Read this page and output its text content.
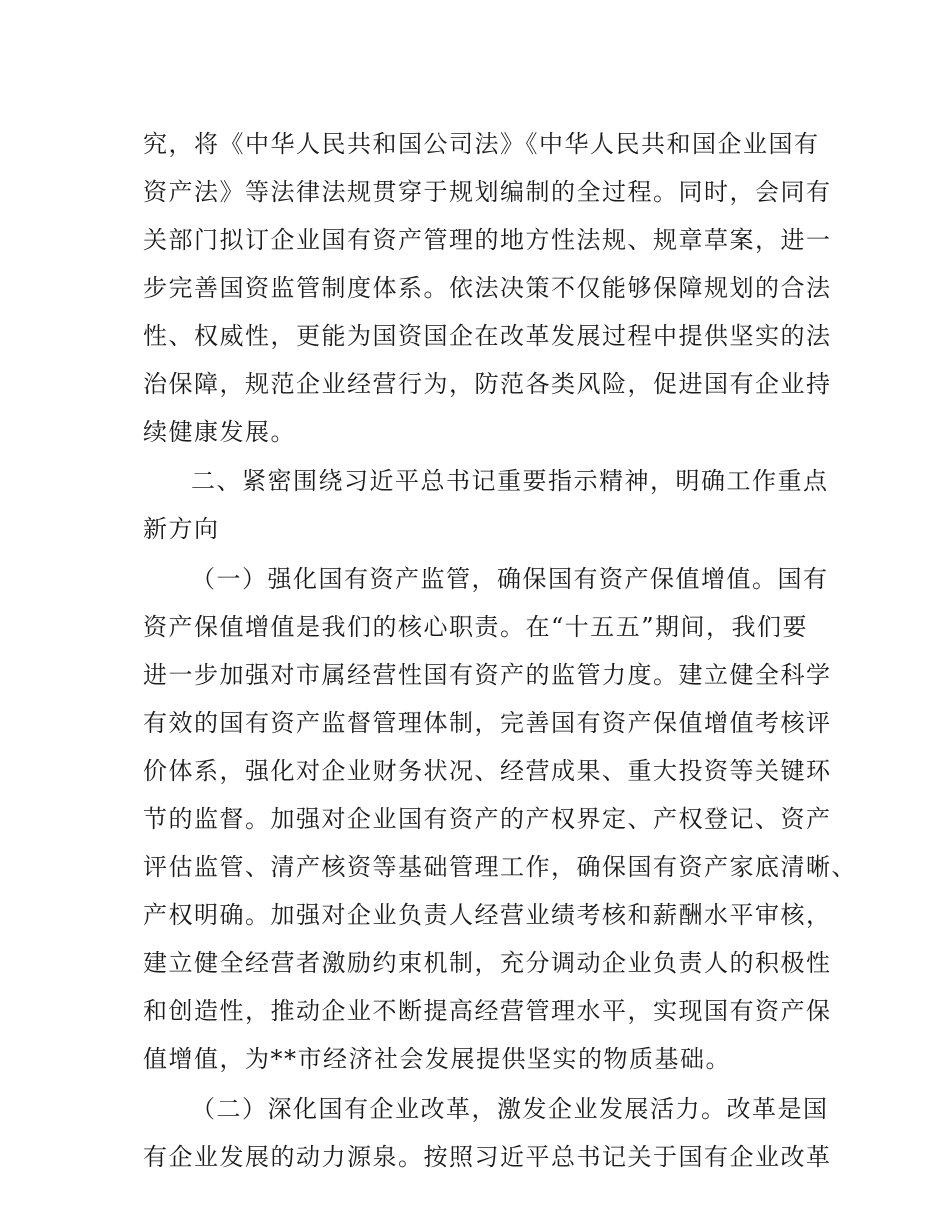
究，将《中华人民共和国公司法》《中华人民共和国企业国有
资产法》等法律法规贯穿于规划编制的全过程。同时，会同有
关部门拟订企业国有资产管理的地方性法规、规章草案，进一
步完善国资监管制度体系。依法决策不仅能够保障规划的合法
性、权威性，更能为国资国企在改革发展过程中提供坚实的法
治保障，规范企业经营行为，防范各类风险，促进国有企业持
续健康发展。
二、紧密围绕习近平总书记重要指示精神，明确工作重点
新方向
（一）强化国有资产监管，确保国有资产保值增值。国有
资产保值增值是我们的核心职责。在“十五五”期间，我们要
进一步加强对市属经营性国有资产的监管力度。建立健全科学
有效的国有资产监督管理体制，完善国有资产保值增值考核评
价体系，强化对企业财务状况、经营成果、重大投资等关键环
节的监督。加强对企业国有资产的产权界定、产权登记、资产
评估监管、清产核资等基础管理工作，确保国有资产家底清晰、
产权明确。加强对企业负责人经营业绩考核和薪酬水平审核，
建立健全经营者激励约束机制，充分调动企业负责人的积极性
和创造性，推动企业不断提高经营管理水平，实现国有资产保
值增值，为**市经济社会发展提供坚实的物质基础。
（二）深化国有企业改革，激发企业发展活力。改革是国
有企业发展的动力源泉。按照习近平总书记关于国有企业改革
